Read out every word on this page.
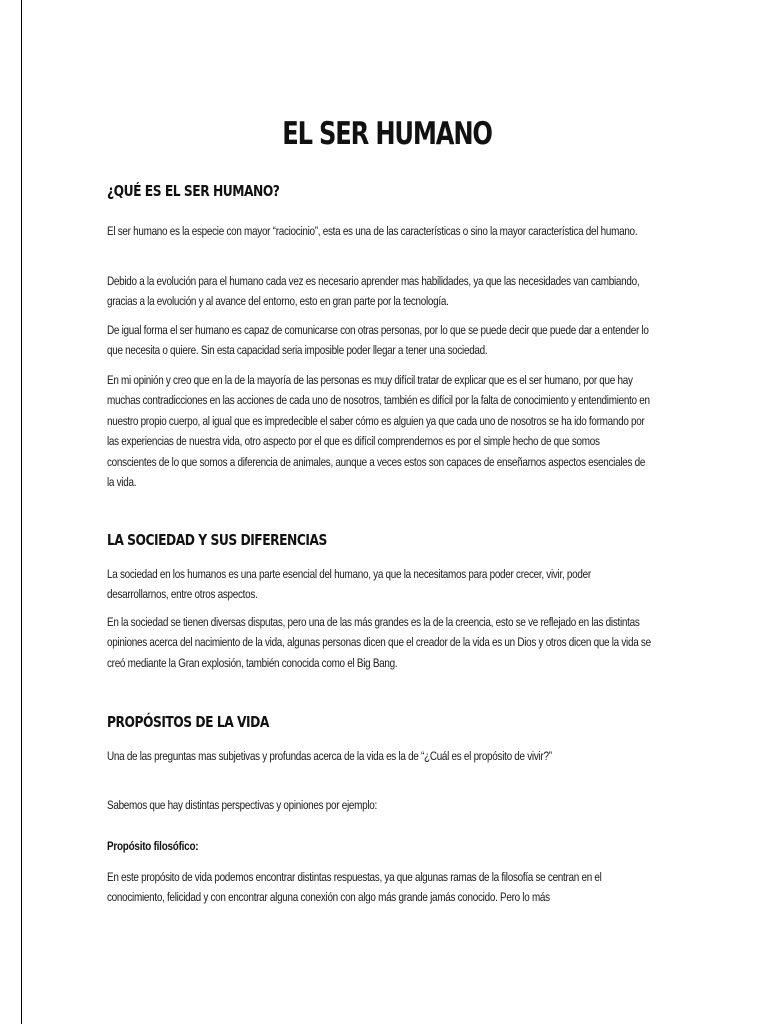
EL SER HUMANO
¿QUÉ ES EL SER HUMANO?

El ser humano es la especie con mayor “raciocinio”, esta es una de las características o sino la mayor característica del humano.

Debido a la evolución para el humano cada vez es necesario aprender mas habilidades, ya que las necesidades van cambiando, gracias a la evolución y al avance del entorno, esto en gran parte por la tecnología.

De igual forma el ser humano es capaz de comunicarse con otras personas, por lo que se puede decir que puede dar a entender lo que necesita o quiere. Sin esta capacidad seria imposible poder llegar a tener una sociedad.

En mi opinión y creo que en la de la mayoría de las personas es muy difícil tratar de explicar que es el ser humano, por que hay muchas contradicciones en las acciones de cada uno de nosotros, también es difícil por la falta de conocimiento y entendimiento en nuestro propio cuerpo, al igual que es impredecible el saber cómo es alguien ya que cada uno de nosotros se ha ido formando por las experiencias de nuestra vida, otro aspecto por el que es difícil comprendernos es por el simple hecho de que somos conscientes de lo que somos a diferencia de animales, aunque a veces estos son capaces de enseñarnos aspectos esenciales de la vida.

LA SOCIEDAD Y SUS DIFERENCIAS

La sociedad en los humanos es una parte esencial del humano, ya que la necesitamos para poder crecer, vivir, poder desarrollarnos, entre otros aspectos.

En la sociedad se tienen diversas disputas, pero una de las más grandes es la de la creencia, esto se ve reflejado en las distintas opiniones acerca del nacimiento de la vida, algunas personas dicen que el creador de la vida es un Dios y otros dicen que la vida se creó mediante la Gran explosión, también conocida como el Big Bang.

PROPÓSITOS DE LA VIDA

Una de las preguntas mas subjetivas y profundas acerca de la vida es la de “¿Cuál es el propósito de vivir?”

Sabemos que hay distintas perspectivas y opiniones por ejemplo:

Propósito filosófico:

En este propósito de vida podemos encontrar distintas respuestas, ya que algunas ramas de la filosofía se centran en el conocimiento, felicidad y con encontrar alguna conexión con algo más grande jamás conocido. Pero lo más
